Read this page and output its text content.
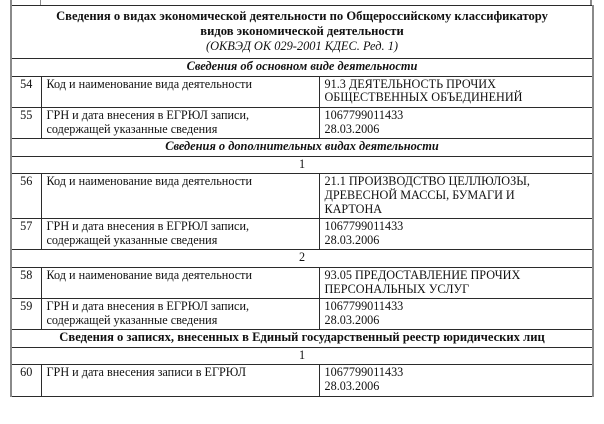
Сведения о видах экономической деятельности по Общероссийскому классификатору
видов экономической деятельности
(ОКВЭД ОК 029-2001 КДЕС. Ред. 1)		

Сведения об основном виде деятельности		
54	Код и наименование вида деятельности	91.3 ДЕЯТЕЛЬНОСТЬ ПРОЧИХ
ОБЩЕСТВЕННЫХ ОБЪЕДИНЕНИЙ

55	ГРН и дата внесения в ЕГРЮЛ записи,
содержащей указанные сведения	1067799011433
28.03.2006

Сведения о дополнительных видах деятельности		
1		
56	Код и наименование вида деятельности	21.1 ПРОИЗВОДСТВО ЦЕЛЛЮЛОЗЫ,
ДРЕВЕСНОЙ МАССЫ, БУМАГИ И
КАРТОНА

57	ГРН и дата внесения в ЕГРЮЛ записи,
содержащей указанные сведения	1067799011433
28.03.2006

2		
58	Код и наименование вида деятельности	93.05 ПРЕДОСТАВЛЕНИЕ ПРОЧИХ
ПЕРСОНАЛЬНЫХ УСЛУГ

59	ГРН и дата внесения в ЕГРЮЛ записи,
содержащей указанные сведения	1067799011433
28.03.2006

Сведения о записях, внесенных в Единый государственный реестр юридических лиц		
1		
60	ГРН и дата внесения записи в ЕГРЮЛ	1067799011433
28.03.2006
